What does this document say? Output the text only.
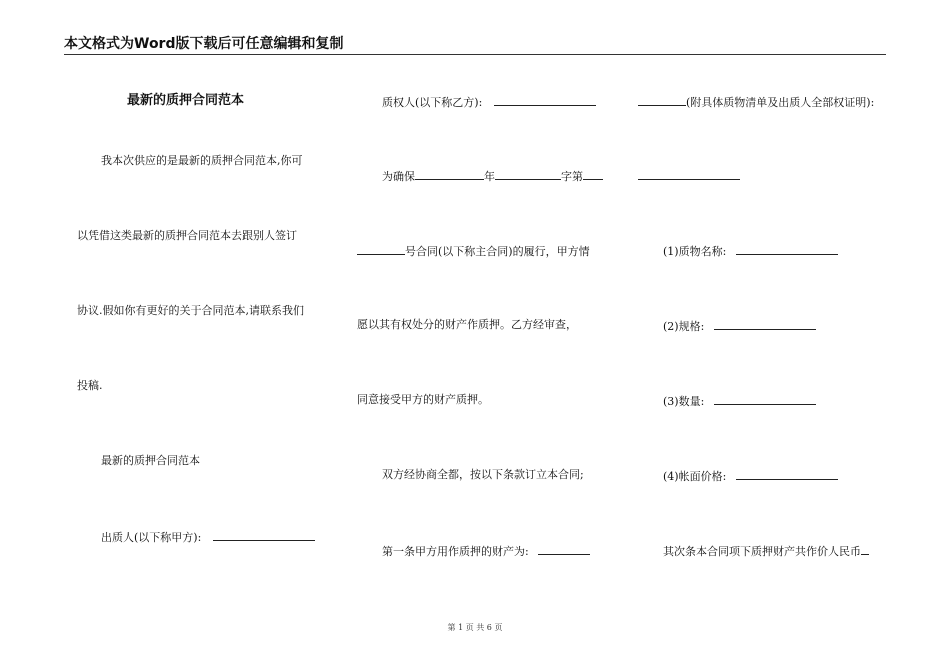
本文格式为Word版下载后可任意编辑和复制
最新的质押合同范本
我本次供应的是最新的质押合同范本,你可
以凭借这类最新的质押合同范本去跟别人签订
协议.假如你有更好的关于合同范本,请联系我们
投稿.
最新的质押合同范本
出质人(以下称甲方):
质权人(以下称乙方):
为确保	年	字第
号合同(以下称主合同)的履行，甲方情
愿以其有权处分的财产作质押。乙方经审查，
同意接受甲方的财产质押。
双方经协商全都，按以下条款订立本合同;
第一条甲方用作质押的财产为:
(附具体质物清单及出质人全部权证明):
(1)质物名称:
(2)规格:
(3)数量:
(4)帐面价格:
其次条本合同项下质押财产共作价人民币
第 1 页 共 6 页
